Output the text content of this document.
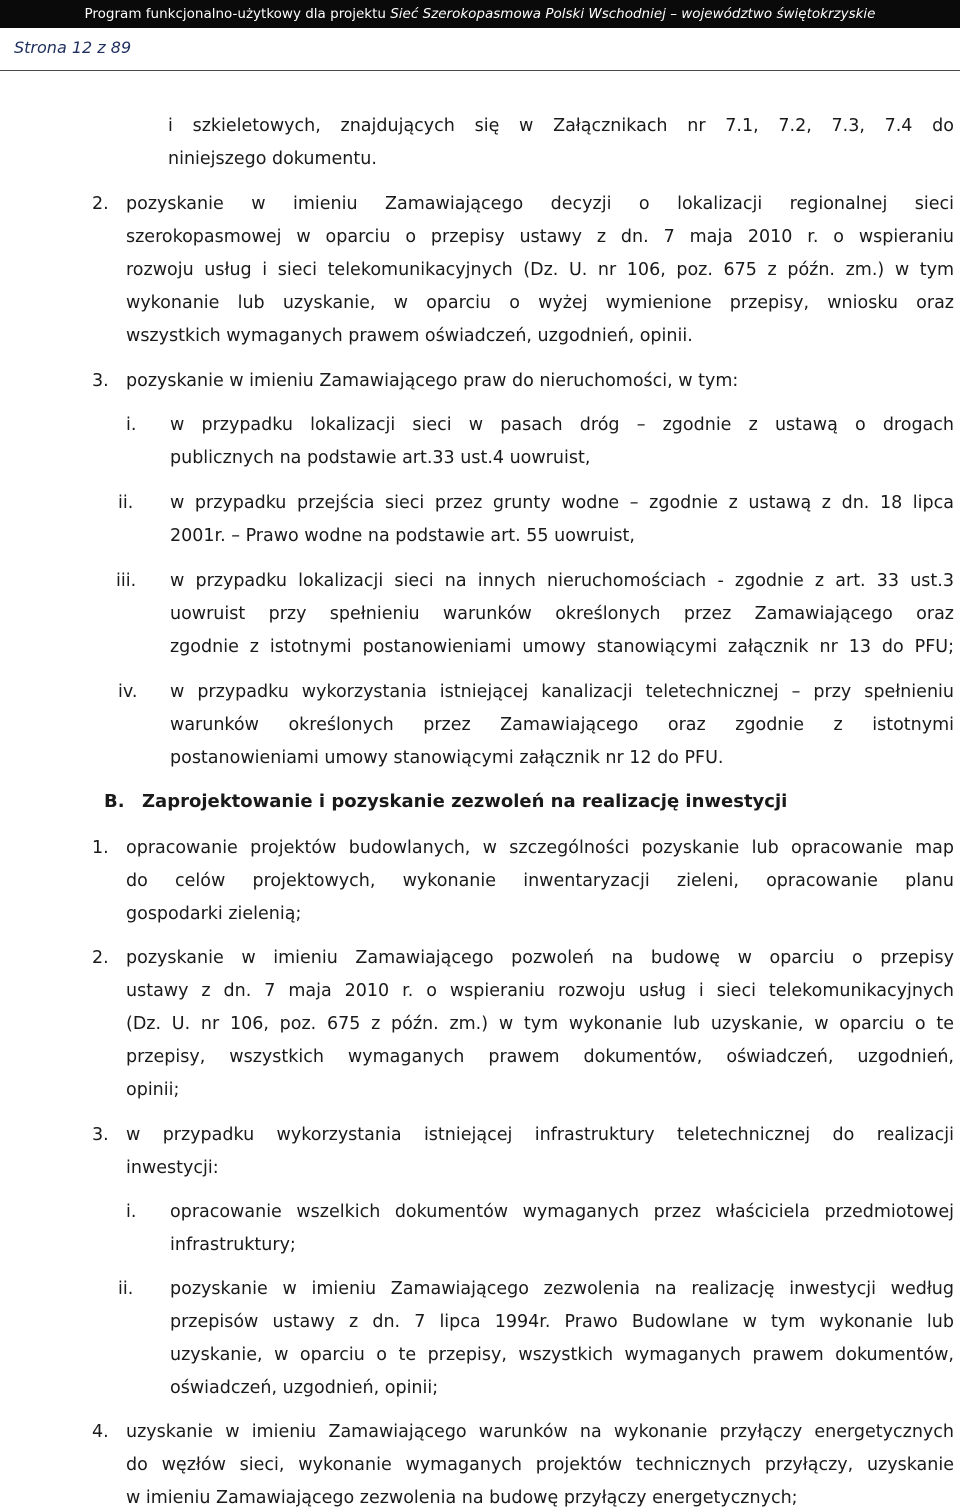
Program funkcjonalno-użytkowy dla projektu Sieć Szerokopasmowa Polski Wschodniej – województwo świętokrzyskie
Strona 12 z 89
i szkieletowych, znajdujących się w Załącznikach nr 7.1, 7.2, 7.3, 7.4 do
niniejszego dokumentu.
2. pozyskanie w imieniu Zamawiającego decyzji o lokalizacji regionalnej sieci
szerokopasmowej w oparciu o przepisy ustawy z dn. 7 maja 2010 r. o wspieraniu
rozwoju usług i sieci telekomunikacyjnych (Dz. U. nr 106, poz. 675 z późn. zm.) w tym
wykonanie lub uzyskanie, w oparciu o wyżej wymienione przepisy, wniosku oraz
wszystkich wymaganych prawem oświadczeń, uzgodnień, opinii.
3. pozyskanie w imieniu Zamawiającego praw do nieruchomości, w tym:
i. w przypadku lokalizacji sieci w pasach dróg – zgodnie z ustawą o drogach
publicznych na podstawie art.33 ust.4 uowruist,
ii. w przypadku przejścia sieci przez grunty wodne – zgodnie z ustawą z dn. 18 lipca
2001r. – Prawo wodne na podstawie art. 55 uowruist,
iii. w przypadku lokalizacji sieci na innych nieruchomościach - zgodnie z art. 33 ust.3
uowruist przy spełnieniu warunków określonych przez Zamawiającego oraz
zgodnie z istotnymi postanowieniami umowy stanowiącymi załącznik nr 13 do PFU;
iv. w przypadku wykorzystania istniejącej kanalizacji teletechnicznej – przy spełnieniu
warunków określonych przez Zamawiającego oraz zgodnie z istotnymi
postanowieniami umowy stanowiącymi załącznik nr 12 do PFU.
B. Zaprojektowanie i pozyskanie zezwoleń na realizację inwestycji
1. opracowanie projektów budowlanych, w szczególności pozyskanie lub opracowanie map
do celów projektowych, wykonanie inwentaryzacji zieleni, opracowanie planu
gospodarki zielenią;
2. pozyskanie w imieniu Zamawiającego pozwoleń na budowę w oparciu o przepisy
ustawy z dn. 7 maja 2010 r. o wspieraniu rozwoju usług i sieci telekomunikacyjnych
(Dz. U. nr 106, poz. 675 z późn. zm.) w tym wykonanie lub uzyskanie, w oparciu o te
przepisy, wszystkich wymaganych prawem dokumentów, oświadczeń, uzgodnień,
opinii;
3. w przypadku wykorzystania istniejącej infrastruktury teletechnicznej do realizacji
inwestycji:
i. opracowanie wszelkich dokumentów wymaganych przez właściciela przedmiotowej
infrastruktury;
ii. pozyskanie w imieniu Zamawiającego zezwolenia na realizację inwestycji według
przepisów ustawy z dn. 7 lipca 1994r. Prawo Budowlane w tym wykonanie lub
uzyskanie, w oparciu o te przepisy, wszystkich wymaganych prawem dokumentów,
oświadczeń, uzgodnień, opinii;
4. uzyskanie w imieniu Zamawiającego warunków na wykonanie przyłączy energetycznych
do węzłów sieci, wykonanie wymaganych projektów technicznych przyłączy, uzyskanie
w imieniu Zamawiającego zezwolenia na budowę przyłączy energetycznych;
